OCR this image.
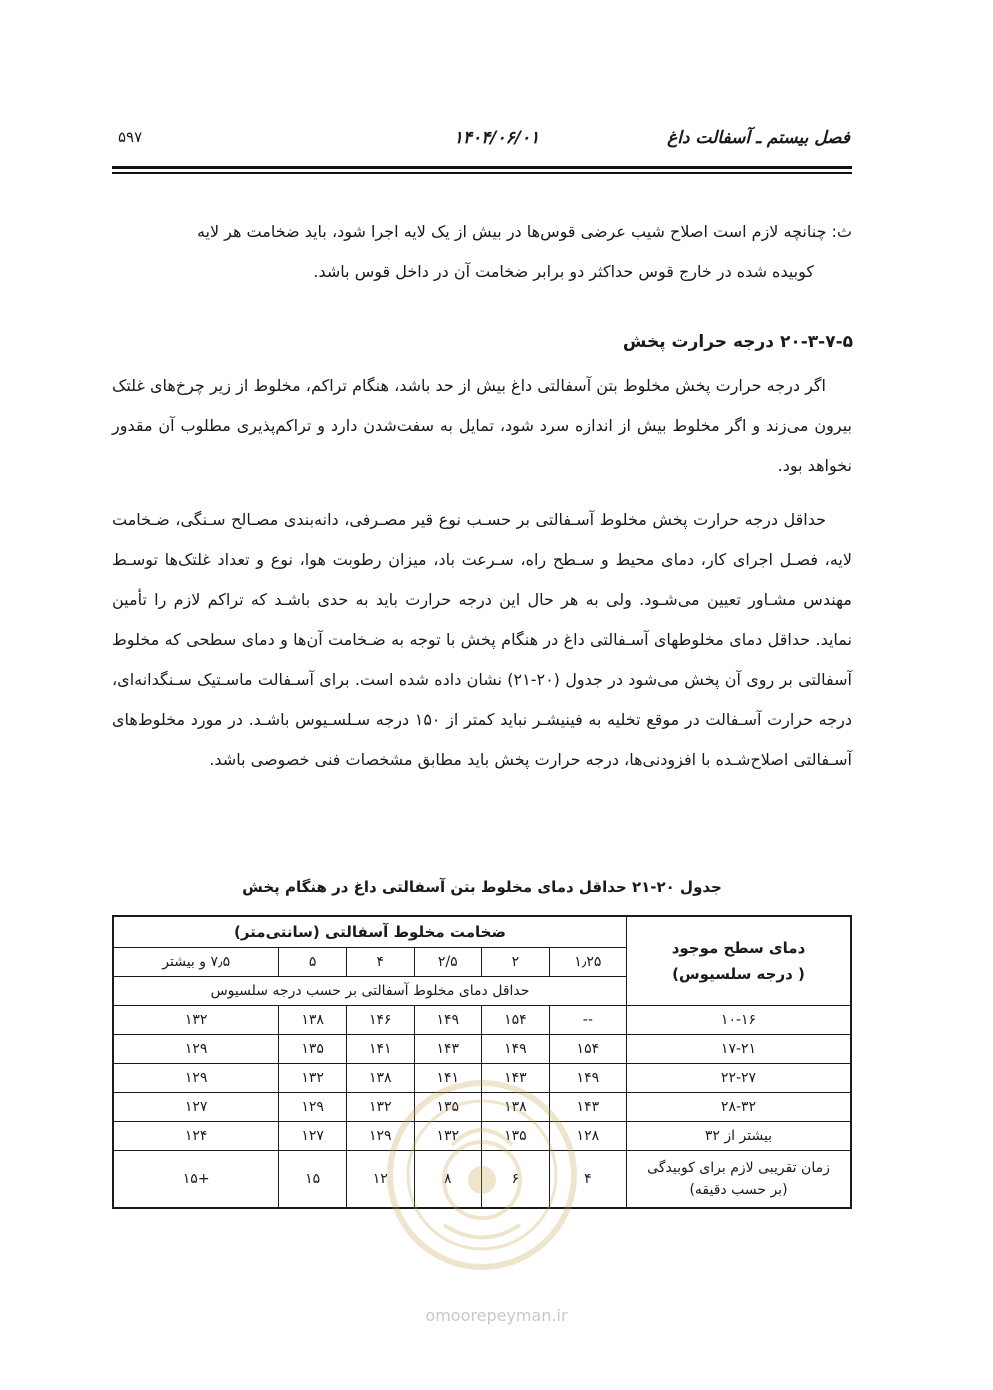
۵۹۷	۱۴۰۴/۰۶/۰۱	فصل بیستم ـ آسفالت داغ
ث: چنانچه لازم است اصلاح شیب عرضی قوس‌ها در بیش از یک لایه اجرا شود، باید ضخامت هر لایه
کوبیده شده در خارج قوس حداکثر دو برابر ضخامت آن در داخل قوس باشد.
۲۰-۳-۷-۵ درجه حرارت پخش
اگر درجه حرارت پخش مخلوط بتن آسفالتی داغ بیش از حد باشد، هنگام تراکم، مخلوط از زیر چرخ‌های غلتک بیرون می‌زند و اگر مخلوط بیش از اندازه سرد شود، تمایل به سفت‌شدن دارد و تراکم‌پذیری مطلوب آن مقدور نخواهد بود.
حداقل درجه حرارت پخش مخلوط آسـفالتی بر حسـب نوع قیر مصـرفی، دانه‌بندی مصـالح سـنگی، ضـخامت لایه، فصـل اجرای کار، دمای محیط و سـطح راه، سـرعت باد، میزان رطوبت هوا، نوع و تعداد غلتک‌ها توسـط مهندس مشـاور تعیین می‌شـود. ولی به هر حال این درجه حرارت باید به حدی باشـد که تراکم لازم را تأمین نماید. حداقل دمای مخلوطهای آسـفالتی داغ در هنگام پخش با توجه به ضـخامت آن‌ها و دمای سطحی که مخلوط آسفالتی بر روی آن پخش می‌شود در جدول (۲۰-۲۱) نشان داده شده است. برای آسـفالت ماسـتیک سـنگدانه‌ای، درجه حرارت آسـفالت در موقع تخلیه به فینیشـر نباید کمتر از ۱۵۰ درجه سـلسـیوس باشـد. در مورد مخلوط‌های آسـفالتی اصلاح‌شـده با افزودنی‌ها، درجه حرارت پخش باید مطابق مشخصات فنی خصوصی باشد.
جدول ۲۰-۲۱ حداقل دمای مخلوط بتن آسفالتی داغ در هنگام پخش
دمای سطح موجود
( درجه سلسیوس)	ضخامت مخلوط آسفالتی (سانتی‌متر)					
	۱٫۲۵	۲	۲/۵	۴	۵	۷٫۵ و بیشتر
	حداقل دمای مخلوط آسفالتی بر حسب درجه سلسیوس					
۱۰-۱۶	--	۱۵۴	۱۴۹	۱۴۶	۱۳۸	۱۳۲
۱۷-۲۱	۱۵۴	۱۴۹	۱۴۳	۱۴۱	۱۳۵	۱۲۹
۲۲-۲۷	۱۴۹	۱۴۳	۱۴۱	۱۳۸	۱۳۲	۱۲۹
۲۸-۳۲	۱۴۳	۱۳۸	۱۳۵	۱۳۲	۱۲۹	۱۲۷
بیشتر از ۳۲	۱۲۸	۱۳۵	۱۳۲	۱۲۹	۱۲۷	۱۲۴

زمان تقریبی لازم برای کوبیدگی
(بر حسب دقیقه)	۴	۶	۸	۱۲	۱۵	+۱۵
omoorepeyman.ir
